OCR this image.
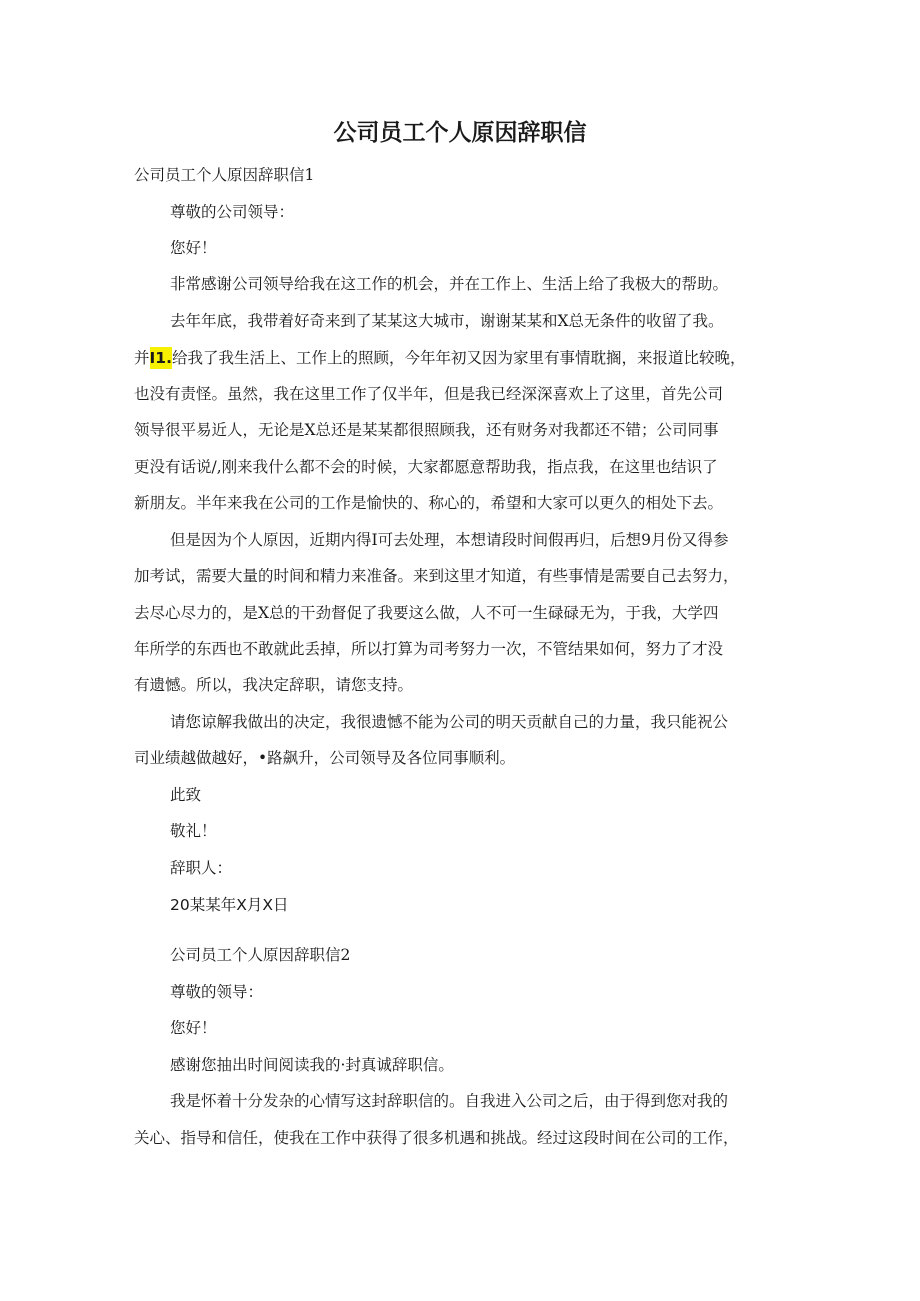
公司员工个人原因辞职信

公司员工个人原因辞职信1

尊敬的公司领导：

您好！

非常感谢公司领导给我在这工作的机会，并在工作上、生活上给了我极大的帮助。

去年年底，我带着好奇来到了某某这大城市，谢谢某某和X总无条件的收留了我。

并I1.给我了我生活上、工作上的照顾，今年年初又因为家里有事情耽搁，来报道比较晚，

也没有责怪。虽然，我在这里工作了仅半年，但是我已经深深喜欢上了这里，首先公司

领导很平易近人，无论是X总还是某某都很照顾我，还有财务对我都还不错；公司同事

更没有话说/,刚来我什么都不会的时候，大家都愿意帮助我，指点我，在这里也结识了

新朋友。半年来我在公司的工作是愉快的、称心的，希望和大家可以更久的相处下去。

但是因为个人原因，近期内得I可去处理，本想请段时间假再归，后想9月份又得参

加考试，需要大量的时间和精力来准备。来到这里才知道，有些事情是需要自己去努力，

去尽心尽力的，是X总的干劲督促了我要这么做，人不可一生碌碌无为，于我，大学四

年所学的东西也不敢就此丢掉，所以打算为司考努力一次，不管结果如何，努力了才没

有遗憾。所以，我决定辞职，请您支持。

请您谅解我做出的决定，我很遗憾不能为公司的明天贡献自己的力量，我只能祝公

司业绩越做越好，•路飙升，公司领导及各位同事顺利。

此致

敬礼！

辞职人：

20某某年X月X日

公司员工个人原因辞职信2

尊敬的领导：

您好！

感谢您抽出时间阅读我的·封真诚辞职信。

我是怀着十分发杂的心情写这封辞职信的。自我进入公司之后，由于得到您对我的

关心、指导和信任，使我在工作中获得了很多机遇和挑战。经过这段时间在公司的工作，
